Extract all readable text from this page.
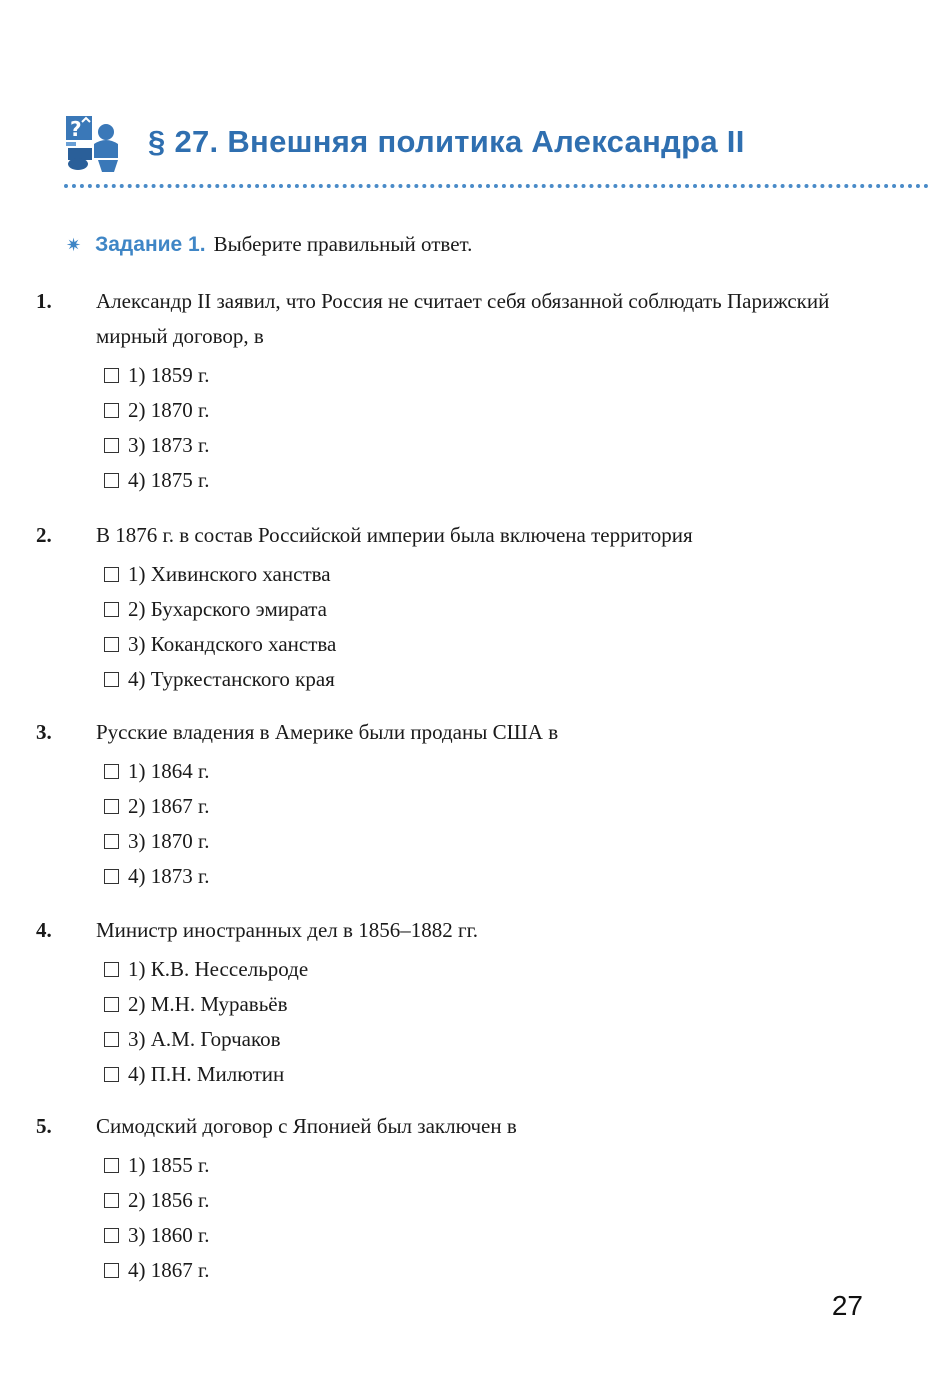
? § 27. Внешняя политика Александра II
✷ Задание 1. Выберите правильный ответ.
1. Александр II заявил, что Россия не считает себя обязанной соблюдать Парижский мирный договор, в
1) 1859 г.
2) 1870 г.
3) 1873 г.
4) 1875 г.
2. В 1876 г. в состав Российской империи была включена территория
1) Хивинского ханства
2) Бухарского эмирата
3) Кокандского ханства
4) Туркестанского края
3. Русские владения в Америке были проданы США в
1) 1864 г.
2) 1867 г.
3) 1870 г.
4) 1873 г.
4. Министр иностранных дел в 1856–1882 гг.
1) К.В. Нессельроде
2) М.Н. Муравьёв
3) А.М. Горчаков
4) П.Н. Милютин
5. Симодский договор с Японией был заключен в
1) 1855 г.
2) 1856 г.
3) 1860 г.
4) 1867 г.
27
